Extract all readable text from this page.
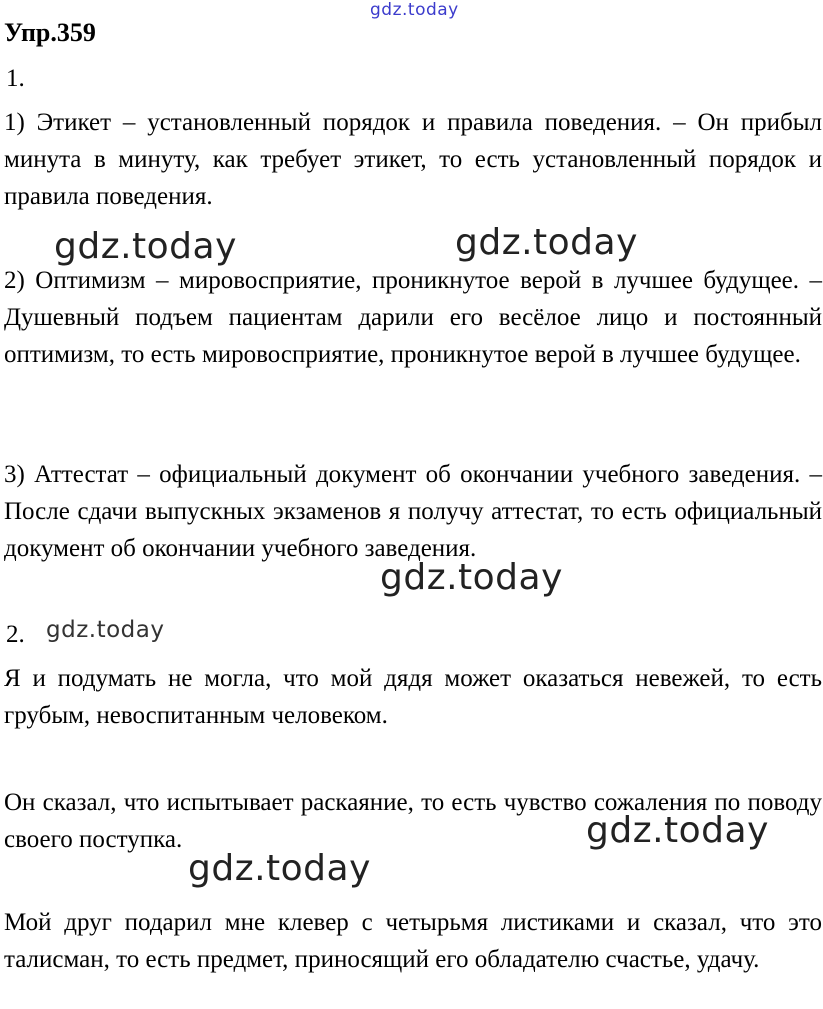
gdz.today
Упр.359
1.

1) Этикет – установленный порядок и правила поведения. – Он прибыл минута в минуту, как требует этикет, то есть установленный порядок и правила поведения.

gdz.today	gdz.today

2) Оптимизм – мировосприятие, проникнутое верой в лучшее будущее. – Душевный подъем пациентам дарили его весёлое лицо и постоянный оптимизм, то есть мировосприятие, проникнутое верой в лучшее будущее.

3) Аттестат – официальный документ об окончании учебного заведения. – После сдачи выпускных экзаменов я получу аттестат, то есть официальный документ об окончании учебного заведения.

gdz.today
2. gdz.today

Я и подумать не могла, что мой дядя может оказаться невежей, то есть грубым, невоспитанным человеком.

Он сказал, что испытывает раскаяние, то есть чувство сожаления по поводу своего поступка.	gdz.today
gdz.today

Мой друг подарил мне клевер с четырьмя листиками и сказал, что это талисман, то есть предмет, приносящий его обладателю счастье, удачу.
